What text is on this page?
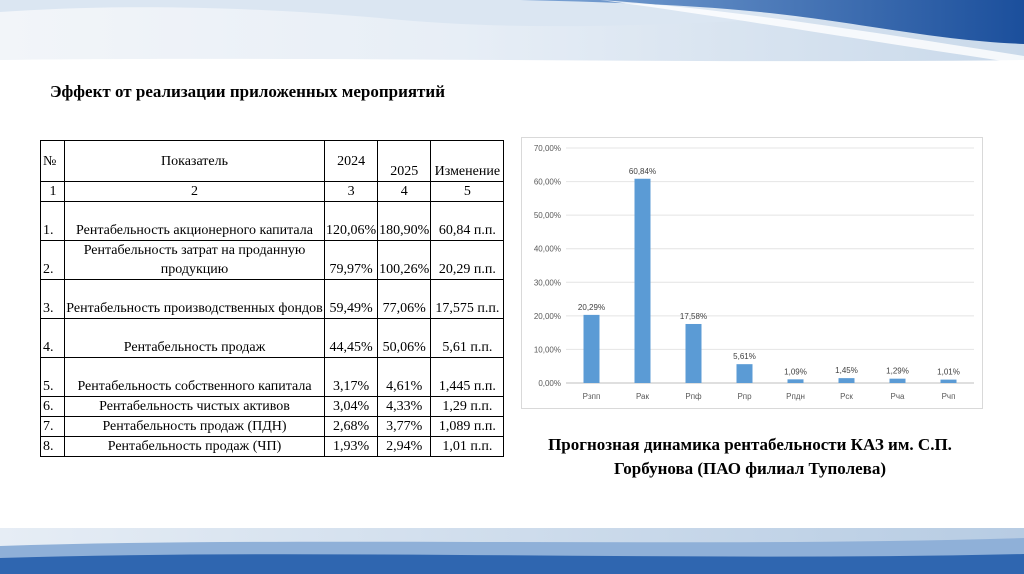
Эффект от реализации приложенных мероприятий
№	Показатель	2024	2025	Изменение
1	2	3	4	5
1.	Рентабельность акционерного капитала	120,06%	180,90%	60,84 п.п.
2.	Рентабельность затрат на проданную продукцию	79,97%	100,26%	20,29 п.п.
3.	Рентабельность производственных фондов	59,49%	77,06%	17,575 п.п.
4.	Рентабельность продаж	44,45%	50,06%	5,61 п.п.
5.	Рентабельность собственного капитала	3,17%	4,61%	1,445 п.п.
6.	Рентабельность чистых активов	3,04%	4,33%	1,29 п.п.
7.	Рентабельность продаж (ПДН)	2,68%	3,77%	1,089 п.п.
8.	Рентабельность продаж (ЧП)	1,93%	2,94%	1,01 п.п.
0,00%
10,00%
20,00%
30,00%
40,00%
50,00%
60,00%
70,00%
20,29%
Рзпп
60,84%
Рак
17,58%
Рпф
5,61%
Рпр
1,09%
Рпдн
1,45%
Рск
1,29%
Рча
1,01%
Рчп
Прогнозная динамика рентабельности КАЗ им. С.П. Горбунова (ПАО филиал Туполева)
